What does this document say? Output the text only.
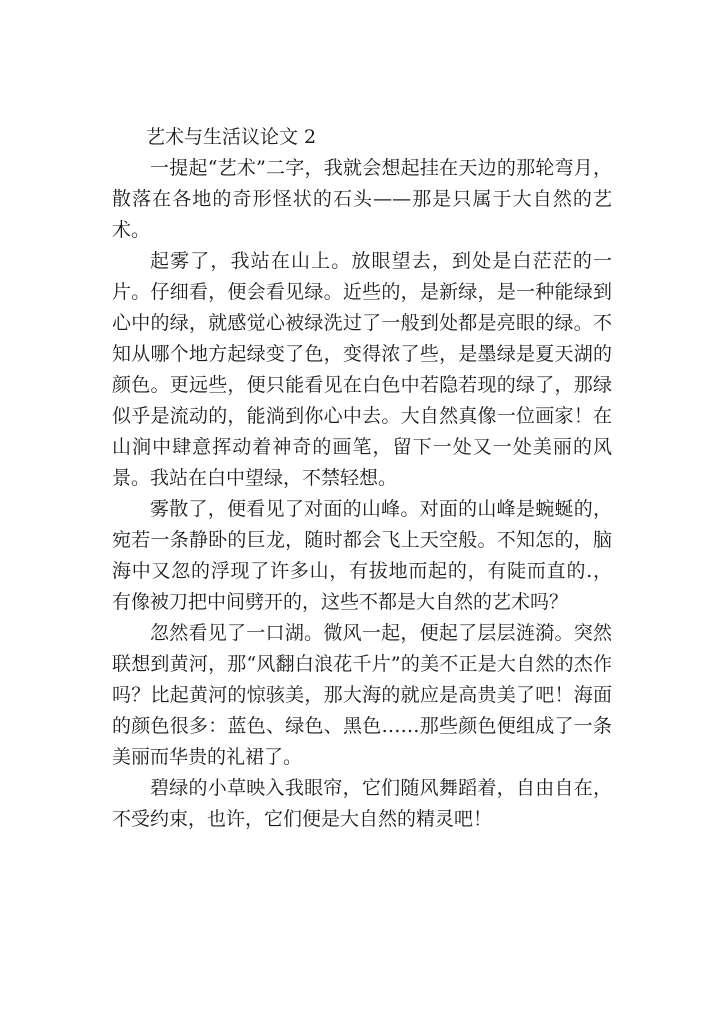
艺术与生活议论文 2

一提起“艺术”二字，我就会想起挂在天边的那轮弯月，散落在各地的奇形怪状的石头——那是只属于大自然的艺术。

起雾了，我站在山上。放眼望去，到处是白茫茫的一片。仔细看，便会看见绿。近些的，是新绿，是一种能绿到心中的绿，就感觉心被绿洗过了一般到处都是亮眼的绿。不知从哪个地方起绿变了色，变得浓了些，是墨绿是夏天湖的颜色。更远些，便只能看见在白色中若隐若现的绿了，那绿似乎是流动的，能淌到你心中去。大自然真像一位画家！在山涧中肆意挥动着神奇的画笔，留下一处又一处美丽的风景。我站在白中望绿，不禁轻想。

雾散了，便看见了对面的山峰。对面的山峰是蜿蜒的，宛若一条静卧的巨龙，随时都会飞上天空般。不知怎的，脑海中又忽的浮现了许多山，有拔地而起的，有陡而直的.，有像被刀把中间劈开的，这些不都是大自然的艺术吗？

忽然看见了一口湖。微风一起，便起了层层涟漪。突然联想到黄河，那“风翻白浪花千片”的美不正是大自然的杰作吗？比起黄河的惊骇美，那大海的就应是高贵美了吧！海面的颜色很多：蓝色、绿色、黑色……那些颜色便组成了一条美丽而华贵的礼裙了。

碧绿的小草映入我眼帘，它们随风舞蹈着，自由自在，不受约束，也许，它们便是大自然的精灵吧！
